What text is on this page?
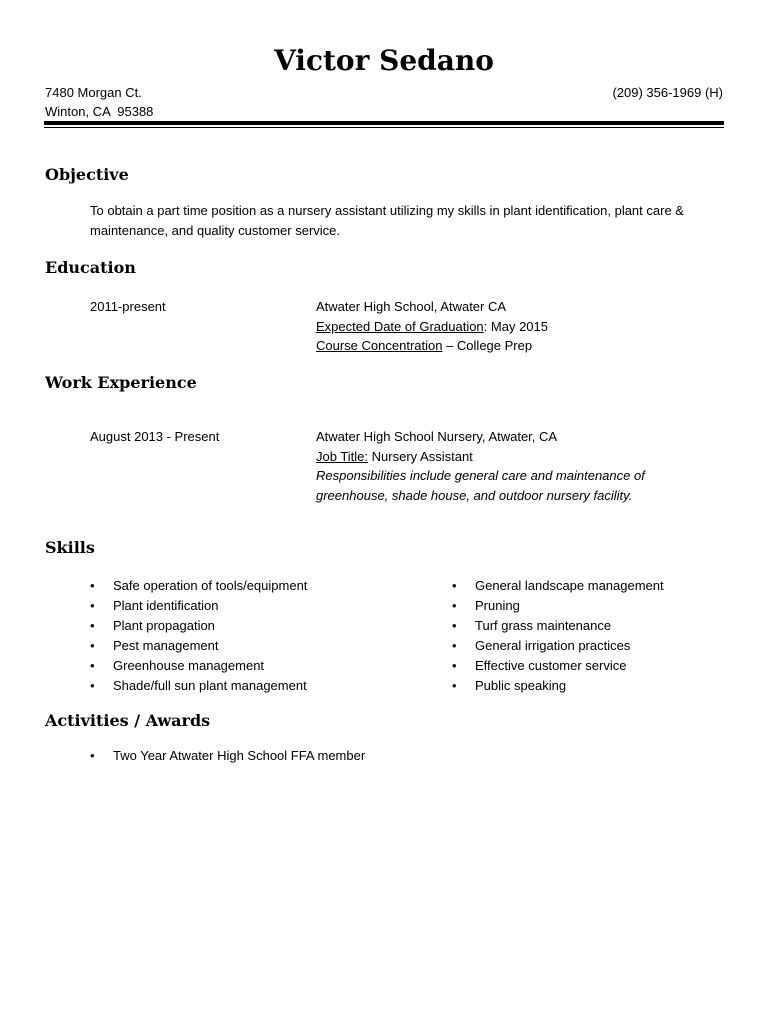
Victor Sedano
7480 Morgan Ct.
Winton, CA  95388
(209) 356-1969 (H)
Objective
To obtain a part time position as a nursery assistant utilizing my skills in plant identification, plant care & maintenance, and quality customer service.
Education
2011-present	Atwater High School, Atwater CA
Expected Date of Graduation: May 2015
Course Concentration – College Prep
Work Experience
August 2013 - Present	Atwater High School Nursery, Atwater, CA
Job Title: Nursery Assistant
Responsibilities include general care and maintenance of greenhouse, shade house, and outdoor nursery facility.
Skills
• Safe operation of tools/equipment
• Plant identification
• Plant propagation
• Pest management
• Greenhouse management
• Shade/full sun plant management
• General landscape management
• Pruning
• Turf grass maintenance
• General irrigation practices
• Effective customer service
• Public speaking
Activities / Awards
• Two Year Atwater High School FFA member
